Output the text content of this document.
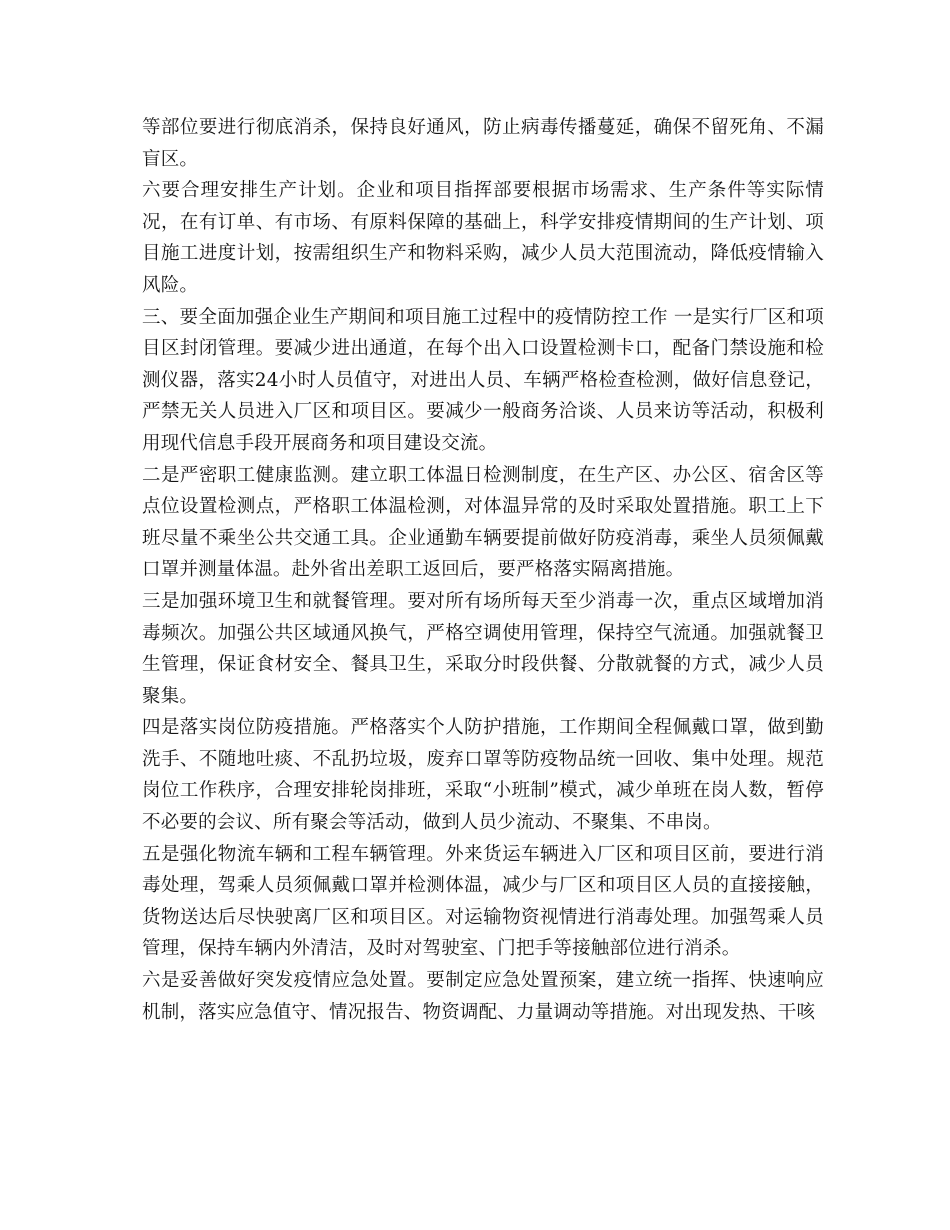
等部位要进行彻底消杀，保持良好通风，防止病毒传播蔓延，确保不留死角、不漏盲区。

六要合理安排生产计划。企业和项目指挥部要根据市场需求、生产条件等实际情况，在有订单、有市场、有原料保障的基础上，科学安排疫情期间的生产计划、项目施工进度计划，按需组织生产和物料采购，减少人员大范围流动，降低疫情输入风险。

三、要全面加强企业生产期间和项目施工过程中的疫情防控工作 一是实行厂区和项目区封闭管理。要减少进出通道，在每个出入口设置检测卡口，配备门禁设施和检测仪器，落实24小时人员值守，对进出人员、车辆严格检查检测，做好信息登记，严禁无关人员进入厂区和项目区。要减少一般商务洽谈、人员来访等活动，积极利用现代信息手段开展商务和项目建设交流。

二是严密职工健康监测。建立职工体温日检测制度，在生产区、办公区、宿舍区等点位设置检测点，严格职工体温检测，对体温异常的及时采取处置措施。职工上下班尽量不乘坐公共交通工具。企业通勤车辆要提前做好防疫消毒，乘坐人员须佩戴口罩并测量体温。赴外省出差职工返回后，要严格落实隔离措施。

三是加强环境卫生和就餐管理。要对所有场所每天至少消毒一次，重点区域增加消毒频次。加强公共区域通风换气，严格空调使用管理，保持空气流通。加强就餐卫生管理，保证食材安全、餐具卫生，采取分时段供餐、分散就餐的方式，减少人员聚集。

四是落实岗位防疫措施。严格落实个人防护措施，工作期间全程佩戴口罩，做到勤洗手、不随地吐痰、不乱扔垃圾，废弃口罩等防疫物品统一回收、集中处理。规范岗位工作秩序，合理安排轮岗排班，采取“小班制”模式，减少单班在岗人数，暂停不必要的会议、所有聚会等活动，做到人员少流动、不聚集、不串岗。

五是强化物流车辆和工程车辆管理。外来货运车辆进入厂区和项目区前，要进行消毒处理，驾乘人员须佩戴口罩并检测体温，减少与厂区和项目区人员的直接接触，货物送达后尽快驶离厂区和项目区。对运输物资视情进行消毒处理。加强驾乘人员管理，保持车辆内外清洁，及时对驾驶室、门把手等接触部位进行消杀。

六是妥善做好突发疫情应急处置。要制定应急处置预案，建立统一指挥、快速响应机制，落实应急值守、情况报告、物资调配、力量调动等措施。对出现发热、干咳
